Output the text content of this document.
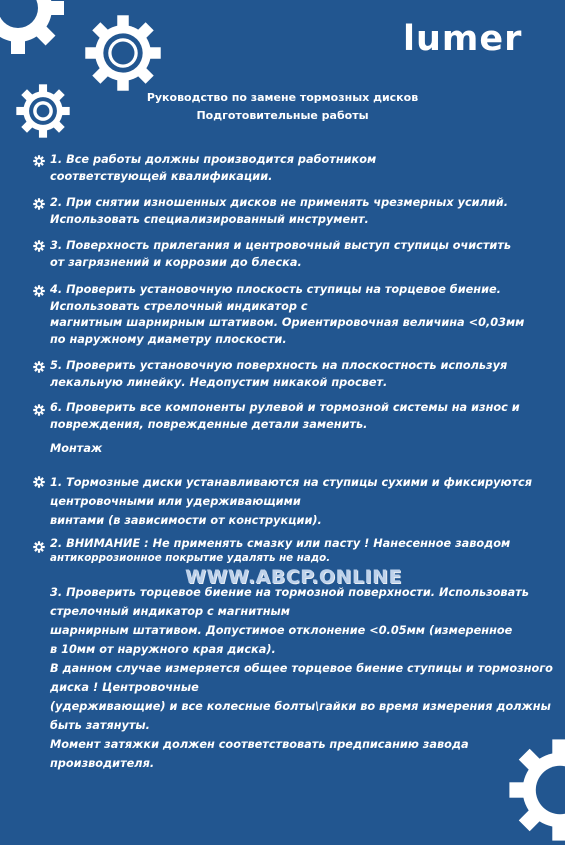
lumer
Руководство по замене тормозных дисков
Подготовительные работы
1. Все работы должны производится работником
соответствующей квалификации.
2. При снятии изношенных дисков не применять чрезмерных усилий.
Использовать специализированный инструмент.
3. Поверхность прилегания и центровочный выступ ступицы очистить
от загрязнений и коррозии до блеска.
4. Проверить установочную плоскость ступицы на торцевое биение.
Использовать стрелочный индикатор с
магнитным шарнирным штативом. Ориентировочная величина <0,03мм
по наружному диаметру плоскости.
5. Проверить установочную поверхность на плоскостность используя
лекальную линейку. Недопустим никакой просвет.
6. Проверить все компоненты рулевой и тормозной системы на износ и
повреждения, поврежденные детали заменить.
Монтаж
1. Тормозные диски устанавливаются на ступицы сухими и фиксируются
центровочными или удерживающими
винтами (в зависимости от конструкции).
2. ВНИМАНИЕ : Не применять смазку или пасту ! Нанесенное заводом
антикоррозионное покрытие удалять не надо.
3. Проверить торцевое биение на тормозной поверхности. Использовать
стрелочный индикатор с магнитным
шарнирным штативом. Допустимое отклонение <0.05мм (измеренное
в 10мм от наружного края диска).
В данном случае измеряется общее торцевое биение ступицы и тормозного
диска ! Центровочные
(удерживающие) и все колесные болты\гайки во время измерения должны
быть затянуты.
Момент затяжки должен соответствовать предписанию завода
производителя.
WWW.ABCP.ONLINE
